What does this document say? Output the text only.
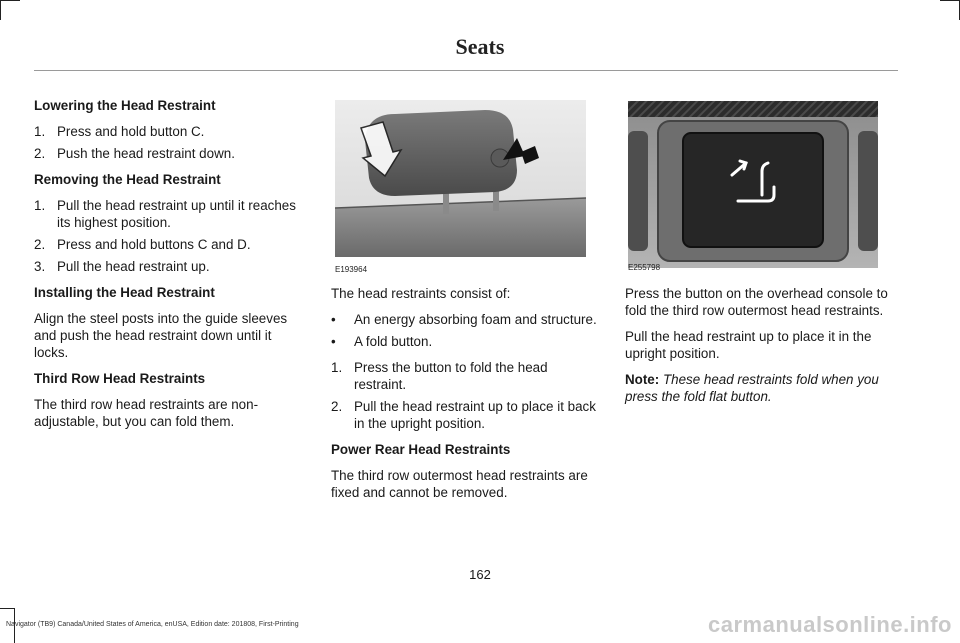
Seats
Lowering the Head Restraint
1. Press and hold button C.
2. Push the head restraint down.
Removing the Head Restraint
1. Pull the head restraint up until it reaches its highest position.
2. Press and hold buttons C and D.
3. Pull the head restraint up.
Installing the Head Restraint
Align the steel posts into the guide sleeves and push the head restraint down until it locks.
Third Row Head Restraints
The third row head restraints are non-adjustable, but you can fold them.
E193964	E255798
The head restraints consist of:
•	An energy absorbing foam and structure.
•	A fold button.
1. Press the button to fold the head restraint.
2. Pull the head restraint up to place it back in the upright position.
Power Rear Head Restraints
The third row outermost head restraints are fixed and cannot be removed.
Press the button on the overhead console to fold the third row outermost head restraints.
Pull the head restraint up to place it in the upright position.
Note: These head restraints fold when you press the fold flat button.
162
Navigator (TB9) Canada/United States of America, enUSA, Edition date: 201808, First-Printing	carmanualsonline.info
